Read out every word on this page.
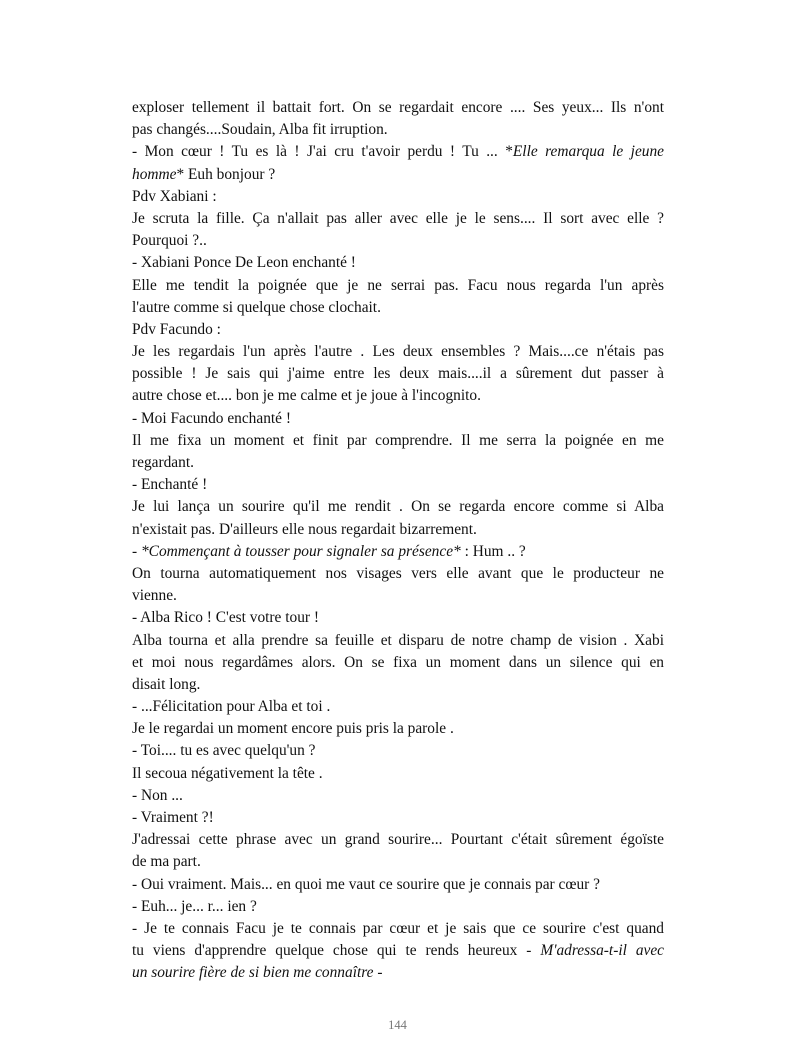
exploser tellement il battait fort. On se regardait encore .... Ses yeux... Ils n'ont
pas changés....Soudain, Alba fit irruption.
- Mon cœur ! Tu es là ! J'ai cru t'avoir perdu ! Tu ... *Elle remarqua le jeune
homme* Euh bonjour ?
Pdv Xabiani :
Je scruta la fille. Ça n'allait pas aller avec elle je le sens.... Il sort avec elle ?
Pourquoi ?..
- Xabiani Ponce De Leon enchanté !
Elle me tendit la poignée que je ne serrai pas. Facu nous regarda l'un après
l'autre comme si quelque chose clochait.
Pdv Facundo :
Je les regardais l'un après l'autre . Les deux ensembles ? Mais....ce n'étais pas
possible ! Je sais qui j'aime entre les deux mais....il a sûrement dut passer à
autre chose et.... bon je me calme et je joue à l'incognito.
- Moi Facundo enchanté !
Il me fixa un moment et finit par comprendre. Il me serra la poignée en me
regardant.
- Enchanté !
Je lui lança un sourire qu'il me rendit . On se regarda encore comme si Alba
n'existait pas. D'ailleurs elle nous regardait bizarrement.
- *Commençant à tousser pour signaler sa présence* : Hum .. ?
On tourna automatiquement nos visages vers elle avant que le producteur ne
vienne.
- Alba Rico ! C'est votre tour !
Alba tourna et alla prendre sa feuille et disparu de notre champ de vision . Xabi
et moi nous regardâmes alors. On se fixa un moment dans un silence qui en
disait long.
- ...Félicitation pour Alba et toi .
Je le regardai un moment encore puis pris la parole .
- Toi.... tu es avec quelqu'un ?
Il secoua négativement la tête .
- Non ...
- Vraiment ?!
J'adressai cette phrase avec un grand sourire... Pourtant c'était sûrement égoïste
de ma part.
- Oui vraiment. Mais... en quoi me vaut ce sourire que je connais par cœur ?
- Euh... je... r... ien ?
- Je te connais Facu je te connais par cœur et je sais que ce sourire c'est quand
tu viens d'apprendre quelque chose qui te rends heureux - M'adressa-t-il avec
un sourire fière de si bien me connaître -
144
